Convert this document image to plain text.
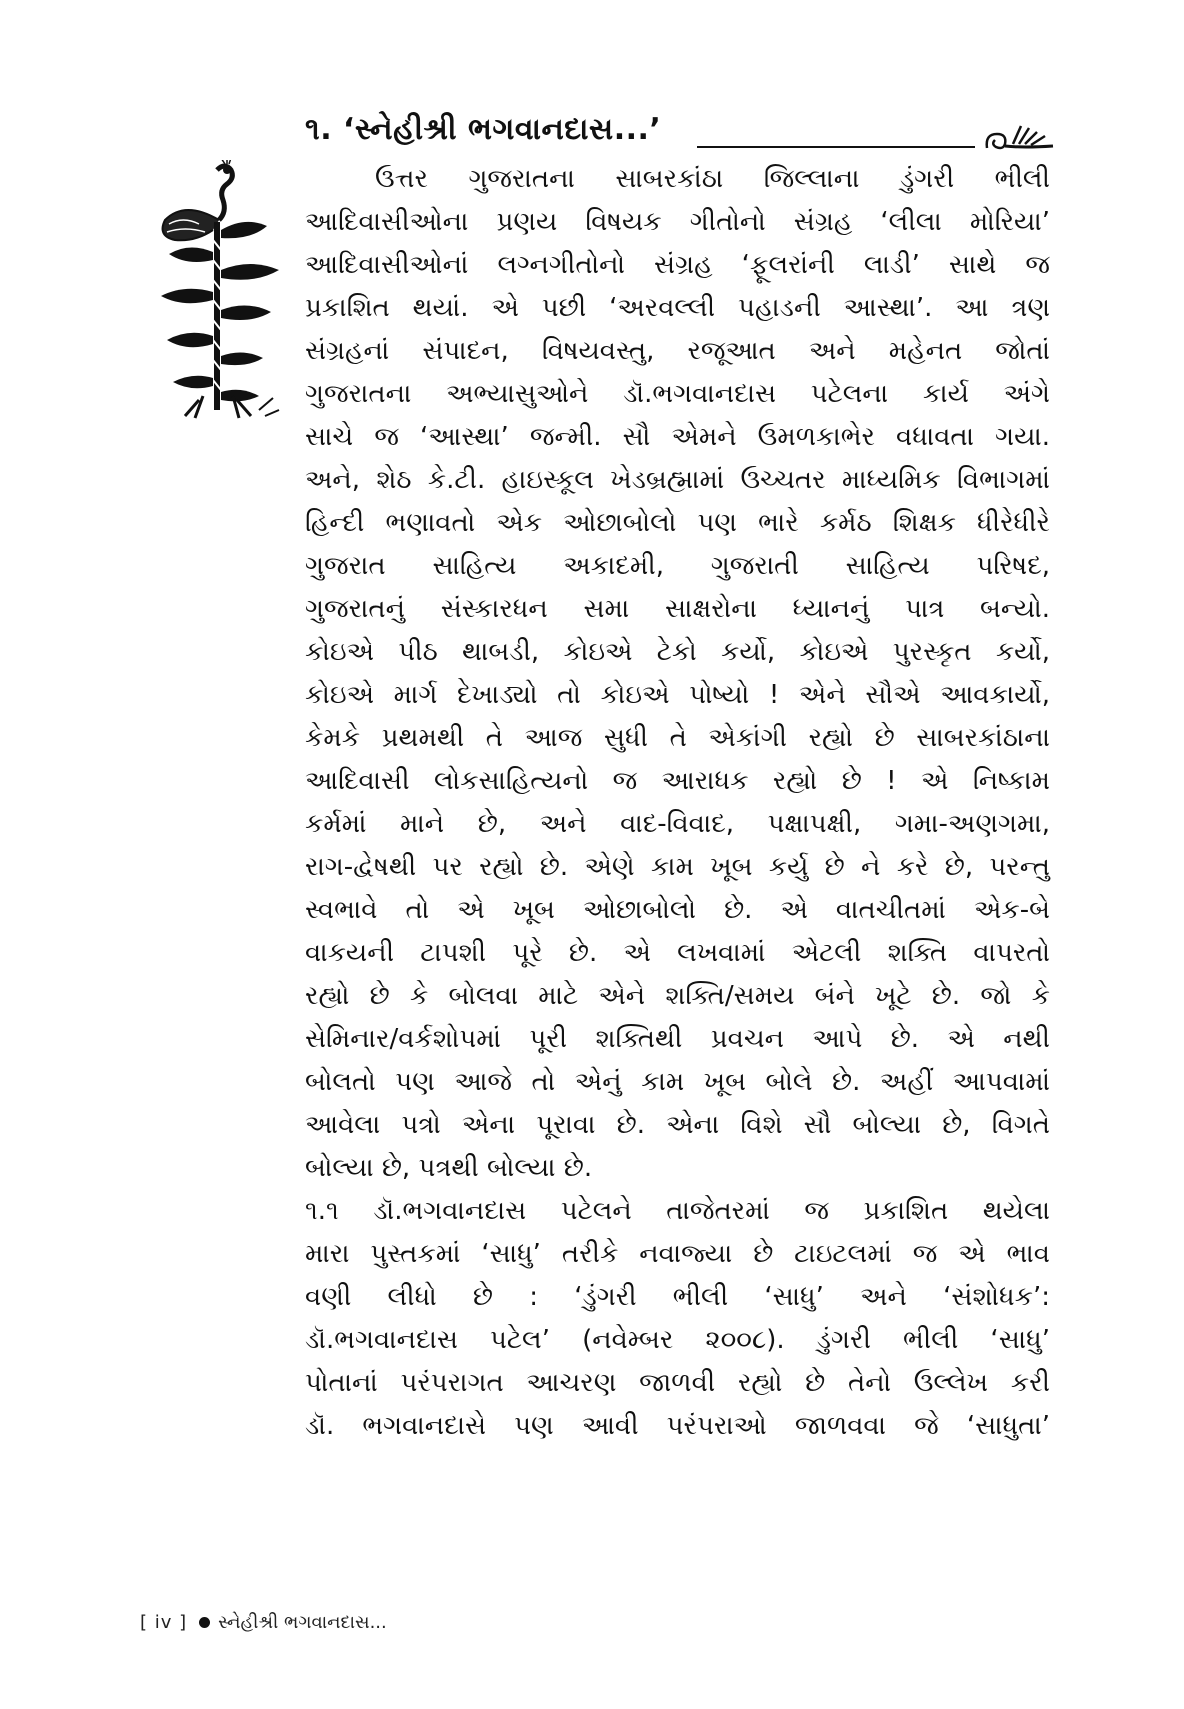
૧. ‘સ્નેહીશ્રી ભગવાનદાસ...’
ઉત્તર ગુજરાતના સાબરકાંઠા જિલ્લાના ડુંગરી ભીલી
આદિવાસીઓના પ્રણય વિષયક ગીતોનો સંગ્રહ ‘લીલા મોરિયા’
આદિવાસીઓનાં લગ્નગીતોનો સંગ્રહ ‘ફૂલરાંની લાડી’ સાથે જ
પ્રકાશિત થયાં. એ પછી ‘અરવલ્લી પહાડની આસ્થા’. આ ત્રણ
સંગ્રહનાં સંપાદન, વિષયવસ્તુ, રજૂઆત અને મહેનત જોતાં
ગુજરાતના અભ્યાસુઓને ડૉ.ભગવાનદાસ પટેલના કાર્ય અંગે
સાચે જ ‘આસ્થા’ જન્મી. સૌ એમને ઉમળકાભેર વધાવતા ગયા.
અને, શેઠ કે.ટી. હાઇસ્કૂલ ખેડબ્રહ્મામાં ઉચ્ચતર માધ્યમિક વિભાગમાં
હિન્દી ભણાવતો એક ઓછાબોલો પણ ભારે કર્મઠ શિક્ષક ધીરેધીરે
ગુજરાત સાહિત્ય અકાદમી, ગુજરાતી સાહિત્ય પરિષદ,
ગુજરાતનું સંસ્કારધન સમા સાક્ષરોના ધ્યાનનું પાત્ર બન્યો.
કોઇએ પીઠ થાબડી, કોઇએ ટેકો કર્યો, કોઇએ પુરસ્કૃત કર્યો,
કોઇએ માર્ગ દેખાડ્યો તો કોઇએ પોષ્યો ! એને સૌએ આવકાર્યો,
કેમકે પ્રથમથી તે આજ સુધી તે એકાંગી રહ્યો છે સાબરકાંઠાના
આદિવાસી લોકસાહિત્યનો જ આરાધક રહ્યો છે ! એ નિષ્કામ
કર્મમાં માને છે, અને વાદ-વિવાદ, પક્ષાપક્ષી, ગમા-અણગમા,
રાગ-દ્વેષથી પર રહ્યો છે. એણે કામ ખૂબ કર્યુ છે ને કરે છે, પરન્તુ
સ્વભાવે તો એ ખૂબ ઓછાબોલો છે. એ વાતચીતમાં એક-બે
વાકયની ટાપશી પૂરે છે. એ લખવામાં એટલી શક્તિ વાપરતો
રહ્યો છે કે બોલવા માટે એને શક્તિ/સમય બંને ખૂટે છે. જો કે
સેમિનાર/વર્કશોપમાં પૂરી શક્તિથી પ્રવચન આપે છે. એ નથી
બોલતો પણ આજે તો એનું કામ ખૂબ બોલે છે. અહીં આપવામાં
આવેલા પત્રો એના પૂરાવા છે. એના વિશે સૌ બોલ્યા છે, વિગતે
બોલ્યા છે, પત્રથી બોલ્યા છે.
૧.૧ ડૉ.ભગવાનદાસ પટેલને તાજેતરમાં જ પ્રકાશિત થયેલા
મારા પુસ્તકમાં ‘સાધુ’ તરીકે નવાજ્યા છે ટાઇટલમાં જ એ ભાવ
વણી લીધો છે : ‘ડુંગરી ભીલી ‘સાધુ’ અને ‘સંશોધક’:
ડૉ.ભગવાનદાસ પટેલ’ (નવેમ્બર ૨૦૦૮). ડુંગરી ભીલી ‘સાધુ’
પોતાનાં પરંપરાગત આચરણ જાળવી રહ્યો છે તેનો ઉલ્લેખ કરી
ડૉ. ભગવાનદાસે પણ આવી પરંપરાઓ જાળવવા જે ‘સાધુતા’
[ iv ] સ્નેહીશ્રી ભગવાનદાસ...
